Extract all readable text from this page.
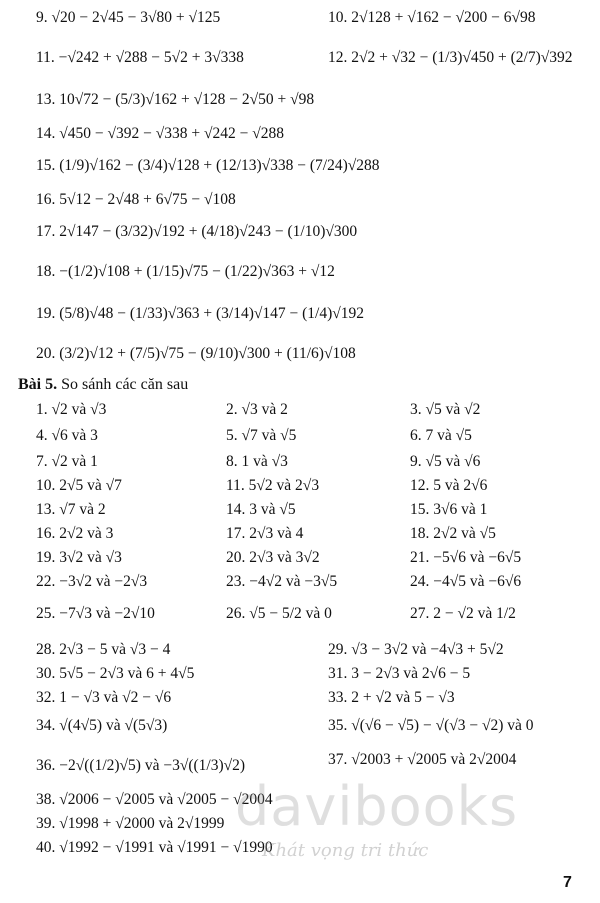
9. √20 − 2√45 − 3√80 + √125	10. 2√128 + √162 − √200 − 6√98
11. −√242 + √288 − 5√2 + 3√338	12. 2√2 + √32 − (1/3)√450 + (2/7)√392
13. 10√72 − (5/3)√162 + √128 − 2√50 + √98
14. √450 − √392 − √338 + √242 − √288
15. (1/9)√162 − (3/4)√128 + (12/13)√338 − (7/24)√288
16. 5√12 − 2√48 + 6√75 − √108
17. 2√147 − (3/32)√192 + (4/18)√243 − (1/10)√300
18. −(1/2)√108 + (1/15)√75 − (1/22)√363 + √12
19. (5/8)√48 − (1/33)√363 + (3/14)√147 − (1/4)√192
20. (3/2)√12 + (7/5)√75 − (9/10)√300 + (11/6)√108
Bài 5. So sánh các căn sau
1. √2 và √3	2. √3 và 2	3. √5 và √2
4. √6 và 3	5. √7 và √5	6. 7 và √5
7. √2 và 1	8. 1 và √3	9. √5 và √6
10. 2√5 và √7	11. 5√2 và 2√3	12. 5 và 2√6
13. √7 và 2	14. 3 và √5	15. 3√6 và 1
16. 2√2 và 3	17. 2√3 và 4	18. 2√2 và √5
19. 3√2 và √3	20. 2√3 và 3√2	21. −5√6 và −6√5
22. −3√2 và −2√3	23. −4√2 và −3√5	24. −4√5 và −6√6
25. −7√3 và −2√10	26. √5 − 5/2 và 0	27. 2 − √2 và 1/2
28. 2√3 − 5 và √3 − 4	29. √3 − 3√2 và −4√3 + 5√2
30. 5√5 − 2√3 và 6 + 4√5	31. 3 − 2√3 và 2√6 − 5
32. 1 − √3 và √2 − √6	33. 2 + √2 và 5 − √3
34. √(4√5) và √(5√3)	35. √(√6 − √5) − √(√3 − √2) và 0
36. −2√((1/2)√5) và −3√((1/3)√2)	37. √2003 + √2005 và 2√2004
38. √2006 − √2005 và √2005 − √2004
39. √1998 + √2000 và 2√1999
40. √1992 − √1991 và √1991 − √1990
davibooks
Khát vọng tri thức
7
